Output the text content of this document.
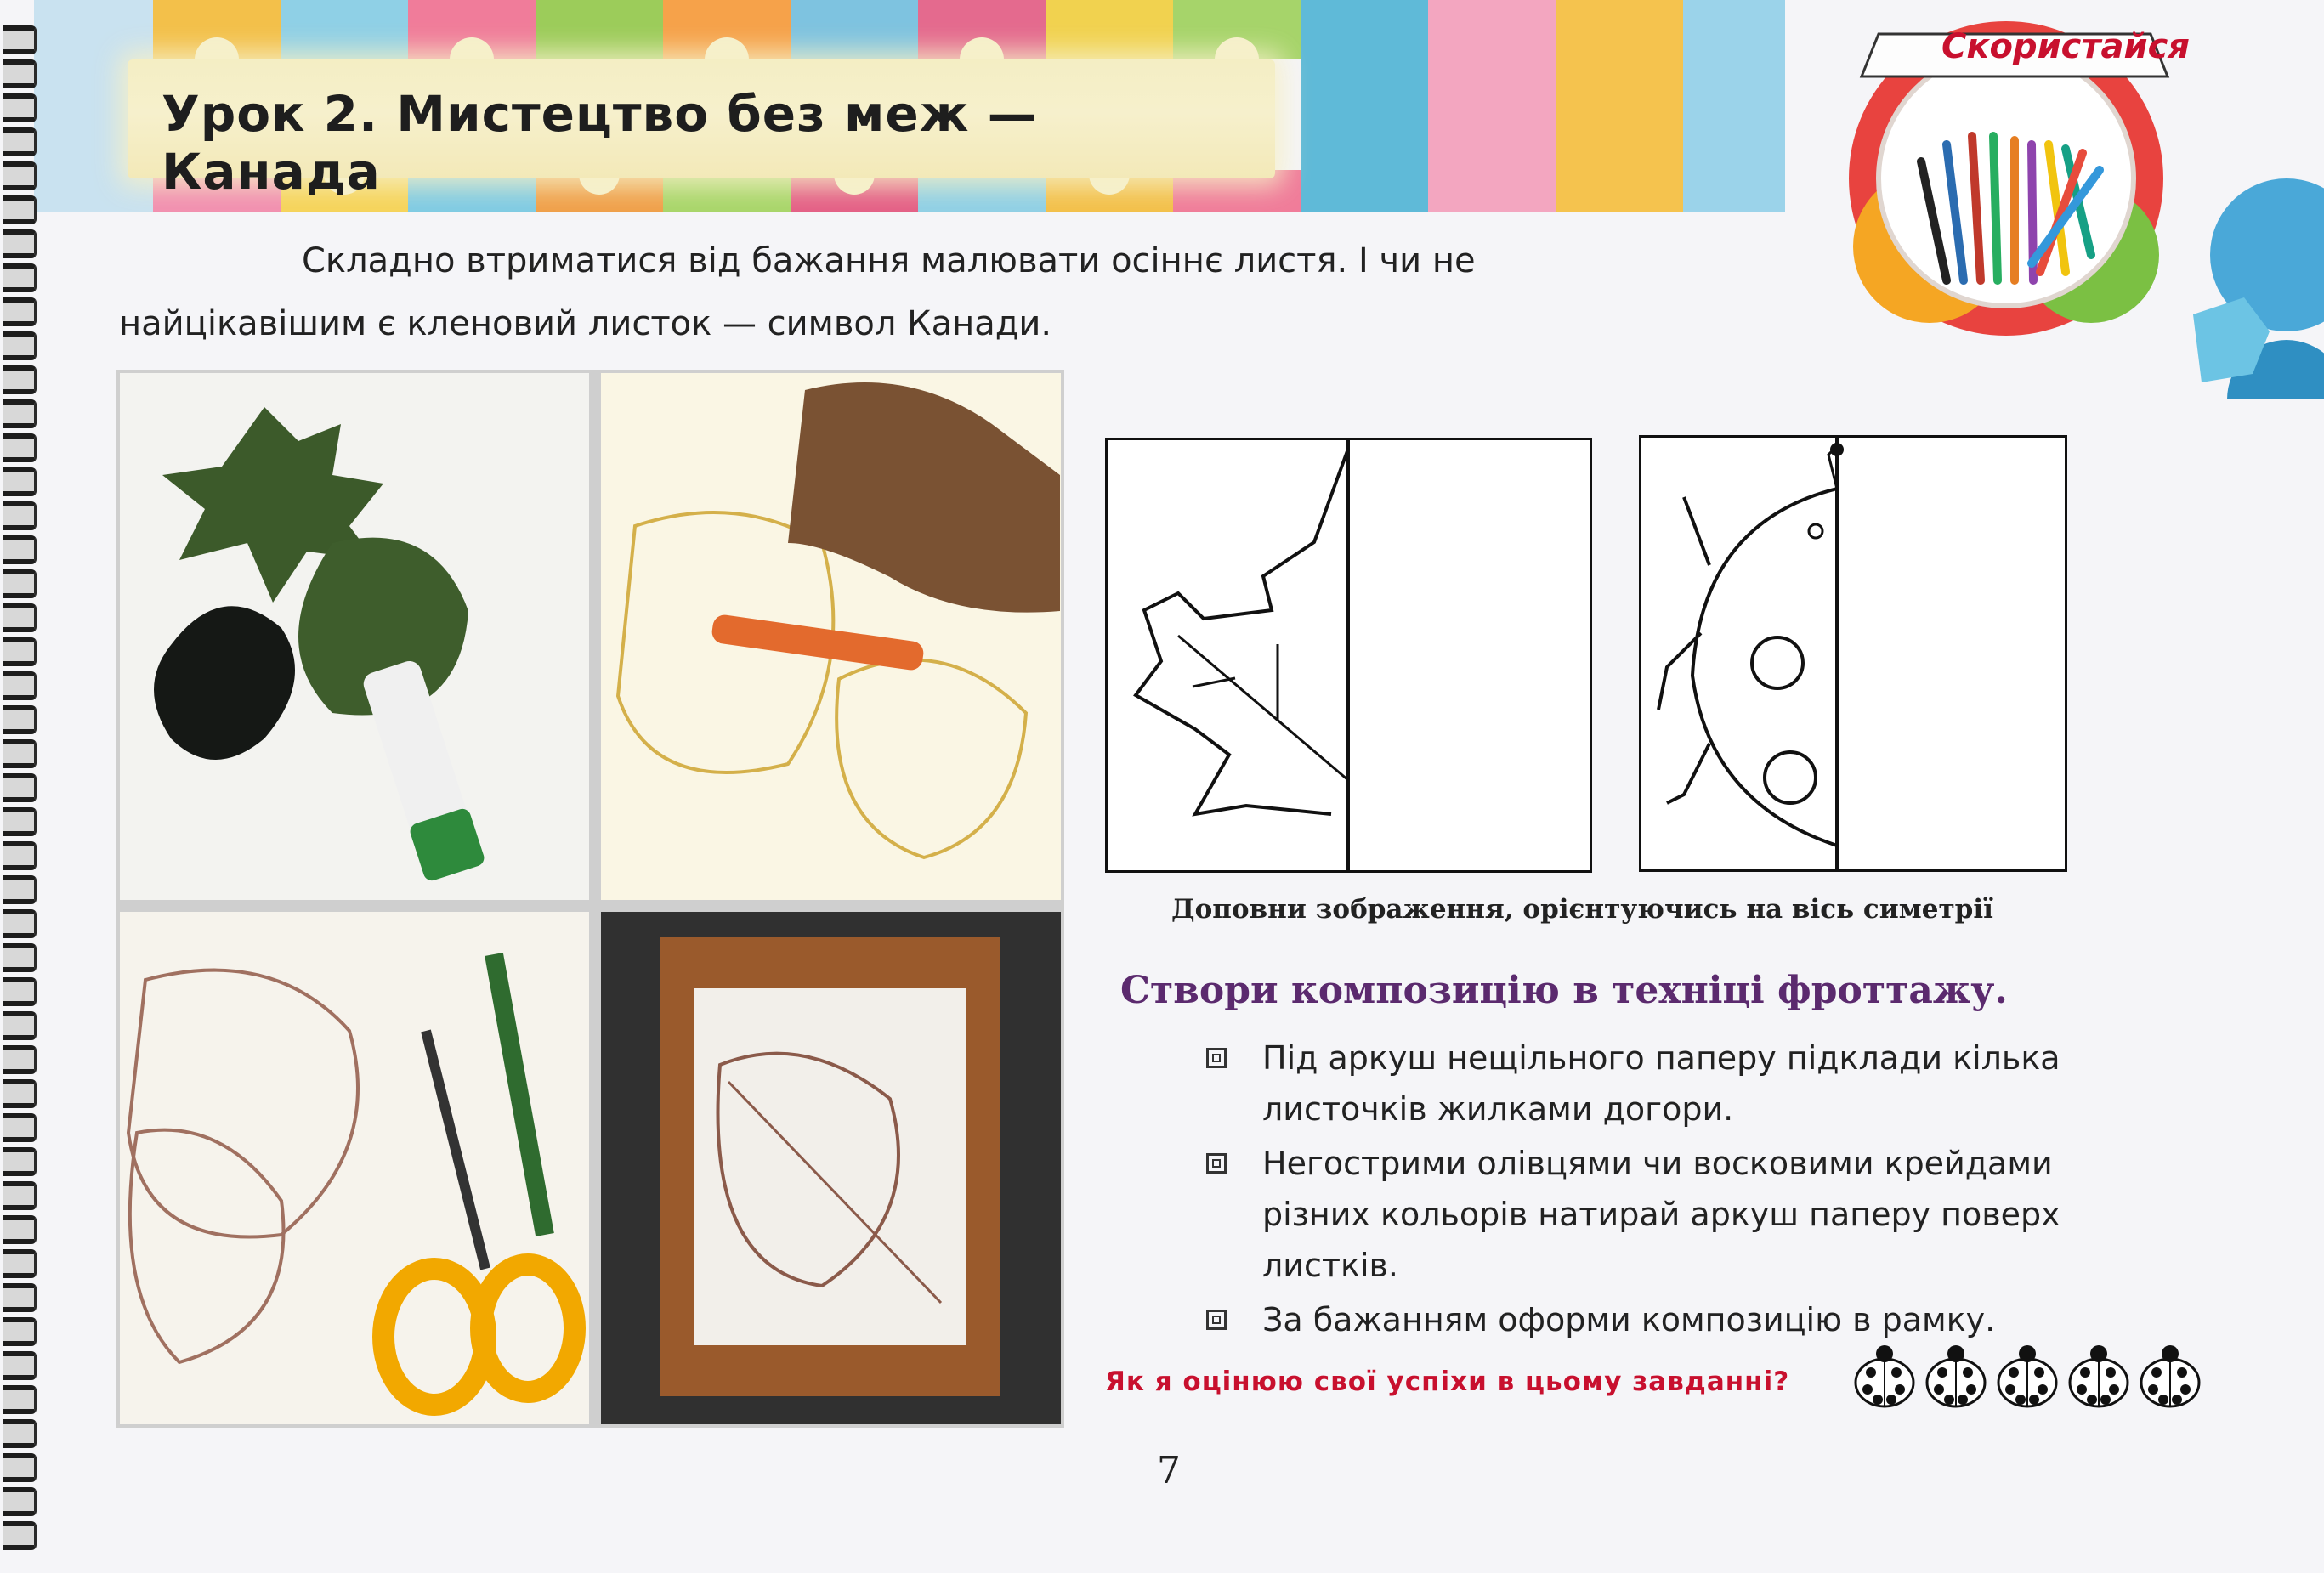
Урок 2. Мистецтво без меж — Канада
Скористайся
Складно втриматися від бажання малювати осіннє листя. І чи не
найцікавішим є кленовий листок — символ Канади.
Доповни зображення, орієнтуючись на вісь симетрії
Створи композицію в техніці фроттажу.
Під аркуш нещільного паперу підклади кілька
листочків жилками догори.
Негострими олівцями чи восковими крейдами
різних кольорів натирай аркуш паперу поверх
листків.
За бажанням оформи композицію в рамку.
Як я оцінюю свої успіхи в цьому завданні?
7
